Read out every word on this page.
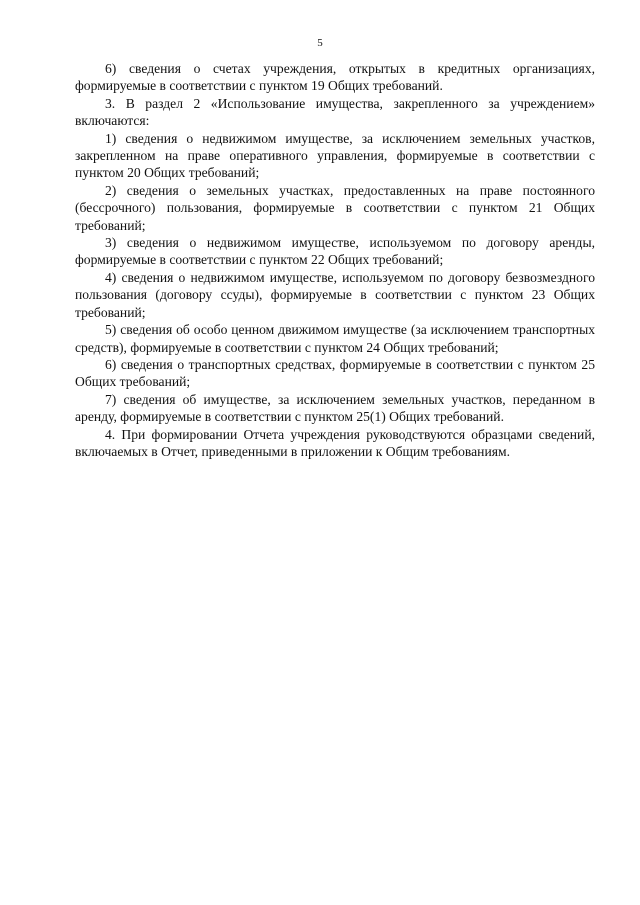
5

6) сведения о счетах учреждения, открытых в кредитных организациях, формируемые в соответствии с пунктом 19 Общих требований.

3. В раздел 2 «Использование имущества, закрепленного за учреждением» включаются:

1) сведения о недвижимом имуществе, за исключением земельных участков, закрепленном на праве оперативного управления, формируемые в соответствии с пунктом 20 Общих требований;

2) сведения о земельных участках, предоставленных на праве постоянного (бессрочного) пользования, формируемые в соответствии с пунктом 21 Общих требований;

3) сведения о недвижимом имуществе, используемом по договору аренды, формируемые в соответствии с пунктом 22 Общих требований;

4) сведения о недвижимом имуществе, используемом по договору безвозмездного пользования (договору ссуды), формируемые в соответствии с пунктом 23 Общих требований;

5) сведения об особо ценном движимом имуществе (за исключением транспортных средств), формируемые в соответствии с пунктом 24 Общих требований;

6) сведения о транспортных средствах, формируемые в соответствии с пунктом 25 Общих требований;

7) сведения об имуществе, за исключением земельных участков, переданном в аренду, формируемые в соответствии с пунктом 25(1) Общих требований.

4. При формировании Отчета учреждения руководствуются образцами сведений, включаемых в Отчет, приведенными в приложении к Общим требованиям.
